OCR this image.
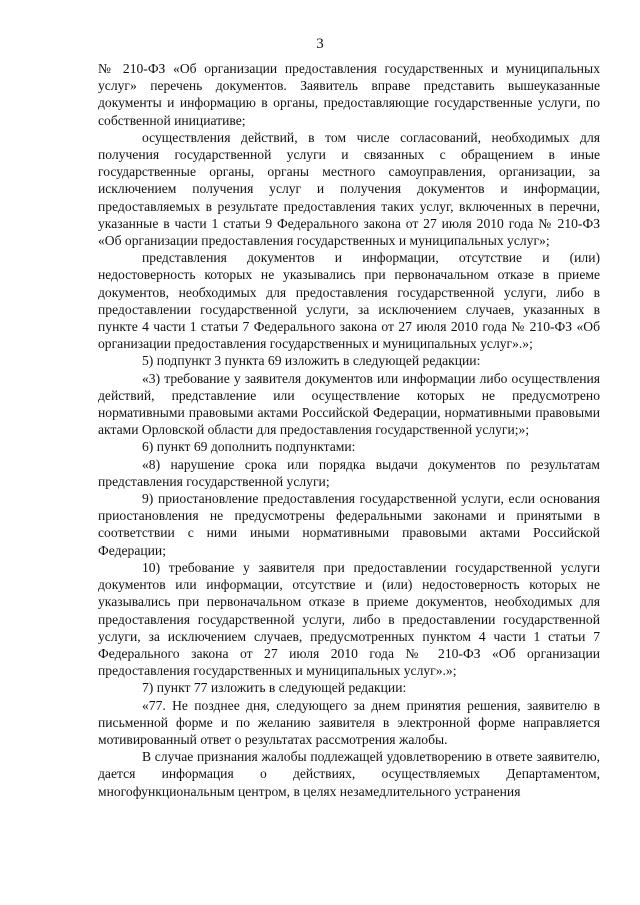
3

№ 210-ФЗ «Об организации предоставления государственных и муниципальных услуг» перечень документов. Заявитель вправе представить вышеуказанные документы и информацию в органы, предоставляющие государственные услуги, по собственной инициативе;

осуществления действий, в том числе согласований, необходимых для получения государственной услуги и связанных с обращением в иные государственные органы, органы местного самоуправления, организации, за исключением получения услуг и получения документов и информации, предоставляемых в результате предоставления таких услуг, включенных в перечни, указанные в части 1 статьи 9 Федерального закона от 27 июля 2010 года № 210-ФЗ «Об организации предоставления государственных и муниципальных услуг»;

представления документов и информации, отсутствие и (или) недостоверность которых не указывались при первоначальном отказе в приеме документов, необходимых для предоставления государственной услуги, либо в предоставлении государственной услуги, за исключением случаев, указанных в пункте 4 части 1 статьи 7 Федерального закона от 27 июля 2010 года № 210-ФЗ «Об организации предоставления государственных и муниципальных услуг».»;

5) подпункт 3 пункта 69 изложить в следующей редакции:

«3) требование у заявителя документов или информации либо осуществления действий, представление или осуществление которых не предусмотрено нормативными правовыми актами Российской Федерации, нормативными правовыми актами Орловской области для предоставления государственной услуги;»;

6) пункт 69 дополнить подпунктами:

«8) нарушение срока или порядка выдачи документов по результатам представления государственной услуги;

9) приостановление предоставления государственной услуги, если основания приостановления не предусмотрены федеральными законами и принятыми в соответствии с ними иными нормативными правовыми актами Российской Федерации;

10) требование у заявителя при предоставлении государственной услуги документов или информации, отсутствие и (или) недостоверность которых не указывались при первоначальном отказе в приеме документов, необходимых для предоставления государственной услуги, либо в предоставлении государственной услуги, за исключением случаев, предусмотренных пунктом 4 части 1 статьи 7 Федерального закона от 27 июля 2010 года № 210-ФЗ «Об организации предоставления государственных и муниципальных услуг».»;

7) пункт 77 изложить в следующей редакции:

«77. Не позднее дня, следующего за днем принятия решения, заявителю в письменной форме и по желанию заявителя в электронной форме направляется мотивированный ответ о результатах рассмотрения жалобы.

В случае признания жалобы подлежащей удовлетворению в ответе заявителю, дается информация о действиях, осуществляемых Департаментом, многофункциональным центром, в целях незамедлительного устранения
